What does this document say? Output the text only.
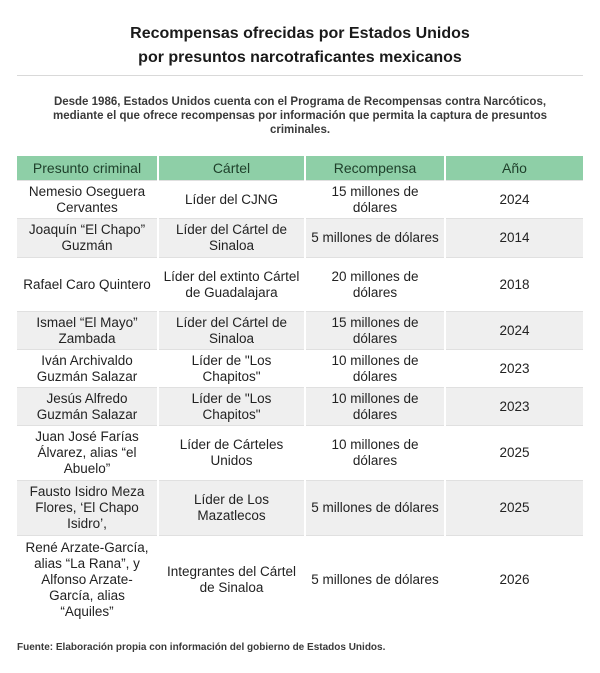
Recompensas ofrecidas por Estados Unidos
por presuntos narcotraficantes mexicanos
Desde 1986, Estados Unidos cuenta con el Programa de Recompensas contra Narcóticos, mediante el que ofrece recompensas por información que permita la captura de presuntos criminales.
Presunto criminal	Cártel	Recompensa	Año
Nemesio Oseguera Cervantes	Líder del CJNG	15 millones de dólares	2024
Joaquín “El Chapo” Guzmán	Líder del Cártel de Sinaloa	5 millones de dólares	2014
Rafael Caro Quintero	Líder del extinto Cártel de Guadalajara	20 millones de dólares	2018
Ismael “El Mayo” Zambada	Líder del Cártel de Sinaloa	15 millones de dólares	2024
Iván Archivaldo Guzmán Salazar	Líder de "Los Chapitos"	10 millones de dólares	2023
Jesús Alfredo Guzmán Salazar	Líder de "Los Chapitos"	10 millones de dólares	2023
Juan José Farías Álvarez, alias “el Abuelo”	Líder de Cárteles Unidos	10 millones de dólares	2025
Fausto Isidro Meza Flores, ‘El Chapo Isidro’,	Líder de Los Mazatlecos	5 millones de dólares	2025
René Arzate-García, alias “La Rana”, y Alfonso Arzate-García, alias “Aquiles”	Integrantes del Cártel de Sinaloa	5 millones de dólares	2026
Fuente: Elaboración propia con información del gobierno de Estados Unidos.
